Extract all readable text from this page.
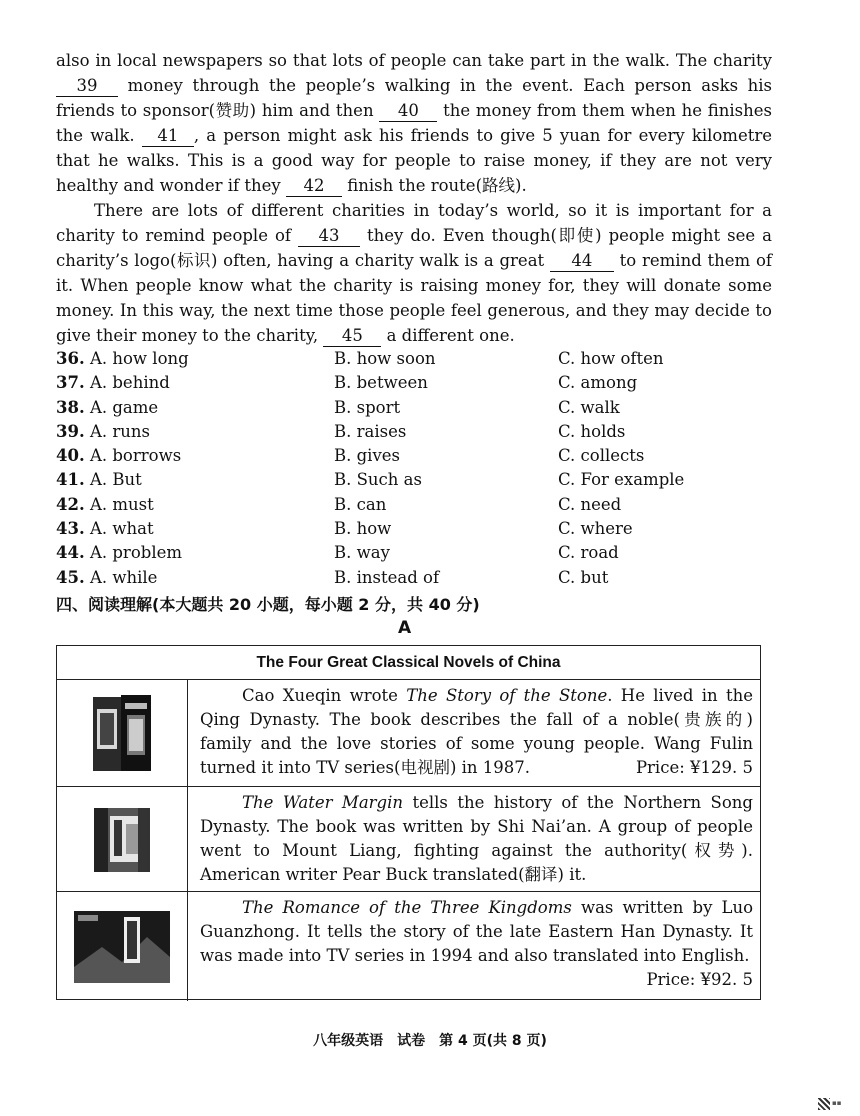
also in local newspapers so that lots of people can take part in the walk. The charity 39 money through the people’s walking in the event. Each person asks his friends to sponsor(赞助) him and then 40 the money from them when he finishes the walk. 41 , a person might ask his friends to give 5 yuan for every kilometre that he walks. This is a good way for people to raise money, if they are not very healthy and wonder if they 42 finish the route(路线).

There are lots of different charities in today’s world, so it is important for a charity to remind people of 43 they do. Even though(即使) people might see a charity’s logo(标识) often, having a charity walk is a great 44 to remind them of it. When people know what the charity is raising money for, they will donate some money. In this way, the next time those people feel generous, and they may decide to give their money to the charity, 45 a different one.

36. A. how long	B. how soon	C. how often
37. A. behind	B. between	C. among
38. A. game	B. sport	C. walk
39. A. runs	B. raises	C. holds
40. A. borrows	B. gives	C. collects
41. A. But	B. Such as	C. For example
42. A. must	B. can	C. need
43. A. what	B. how	C. where
44. A. problem	B. way	C. road
45. A. while	B. instead of	C. but
四、阅读理解(本大题共 20 小题，每小题 2 分，共 40 分)
A
The Four Great Classical Novels of China
Cao Xueqin wrote The Story of the Stone. He lived in the Qing Dynasty. The book describes the fall of a noble(贵族的) family and the love stories of some young people. Wang Fulin turned it into TV series(电视剧) in 1987.	Price: ¥129. 5
The Water Margin tells the history of the Northern Song Dynasty. The book was written by Shi Nai’an. A group of people went to Mount Liang, fighting against the authority(权势). American writer Pear Buck translated(翻译) it.
The Romance of the Three Kingdoms was written by Luo Guanzhong. It tells the story of the late Eastern Han Dynasty. It was made into TV series in 1994 and also translated into English.
Price: ¥92. 5
八年级英语　试卷　第 4 页(共 8 页)
▪▪
